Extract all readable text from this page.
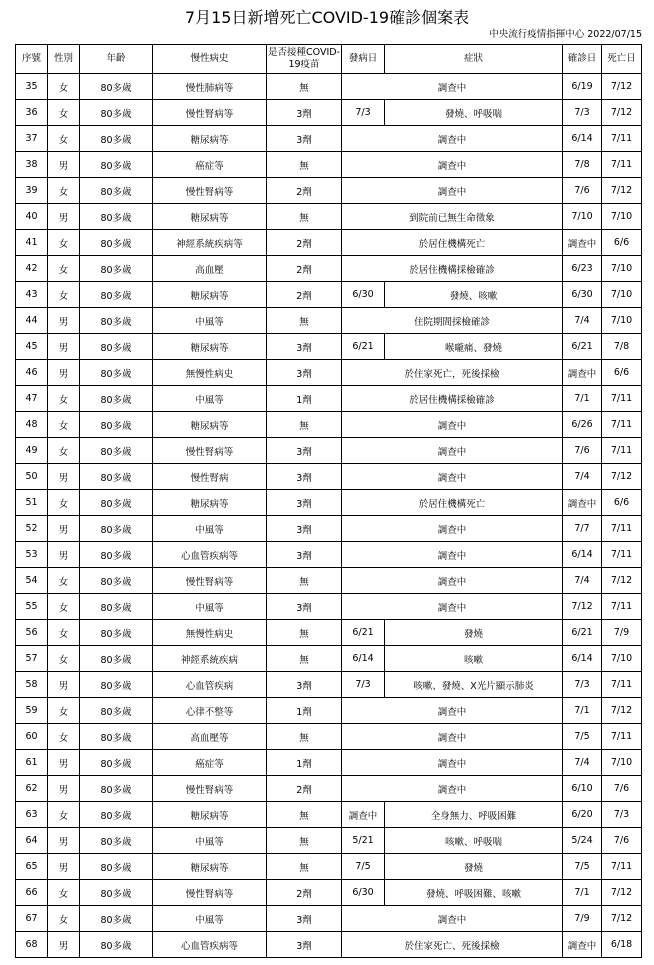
7月15日新增死亡COVID-19確診個案表
中央流行疫情指揮中心 2022/07/15
序號	性別	年齡	慢性病史	是否接種COVID-19疫苗	發病日	症狀	確診日	死亡日
35	女	80多歲	慢性肺病等	無	調查中		6/19	7/12
36	女	80多歲	慢性腎病等	3劑	7/3	發燒、呼吸喘	7/3	7/12
37	女	80多歲	糖尿病等	3劑	調查中		6/14	7/11
38	男	80多歲	癌症等	無	調查中		7/8	7/11
39	女	80多歲	慢性腎病等	2劑	調查中		7/6	7/12
40	男	80多歲	糖尿病等	無	到院前已無生命徵象		7/10	7/10
41	女	80多歲	神經系統疾病等	2劑	於居住機構死亡		調查中	6/6
42	女	80多歲	高血壓	2劑	於居住機構採檢確診		6/23	7/10
43	女	80多歲	糖尿病等	2劑	6/30	發燒、咳嗽	6/30	7/10
44	男	80多歲	中風等	無	住院期間採檢確診		7/4	7/10
45	男	80多歲	糖尿病等	3劑	6/21	喉嚨痛、發燒	6/21	7/8
46	男	80多歲	無慢性病史	3劑	於住家死亡，死後採檢		調查中	6/6
47	女	80多歲	中風等	1劑	於居住機構採檢確診		7/1	7/11
48	女	80多歲	糖尿病等	無	調查中		6/26	7/11
49	女	80多歲	慢性腎病等	3劑	調查中		7/6	7/11
50	男	80多歲	慢性腎病	3劑	調查中		7/4	7/12
51	女	80多歲	糖尿病等	3劑	於居住機構死亡		調查中	6/6
52	男	80多歲	中風等	3劑	調查中		7/7	7/11
53	男	80多歲	心血管疾病等	3劑	調查中		6/14	7/11
54	女	80多歲	慢性腎病等	無	調查中		7/4	7/12
55	女	80多歲	中風等	3劑	調查中		7/12	7/11
56	女	80多歲	無慢性病史	無	6/21	發燒	6/21	7/9
57	女	80多歲	神經系統疾病	無	6/14	咳嗽	6/14	7/10
58	男	80多歲	心血管疾病	3劑	7/3	咳嗽、發燒、X光片顯示肺炎	7/3	7/11
59	女	80多歲	心律不整等	1劑	調查中		7/1	7/12
60	女	80多歲	高血壓等	無	調查中		7/5	7/11
61	男	80多歲	癌症等	1劑	調查中		7/4	7/10
62	男	80多歲	慢性腎病等	2劑	調查中		6/10	7/6
63	女	80多歲	糖尿病等	無	調查中	全身無力、呼吸困難	6/20	7/3
64	男	80多歲	中風等	無	5/21	咳嗽、呼吸喘	5/24	7/6
65	男	80多歲	糖尿病等	無	7/5	發燒	7/5	7/11
66	女	80多歲	慢性腎病等	2劑	6/30	發燒、呼吸困難、咳嗽	7/1	7/12
67	女	80多歲	中風等	3劑	調查中		7/9	7/12
68	男	80多歲	心血管疾病等	3劑	於住家死亡、死後採檢		調查中	6/18
